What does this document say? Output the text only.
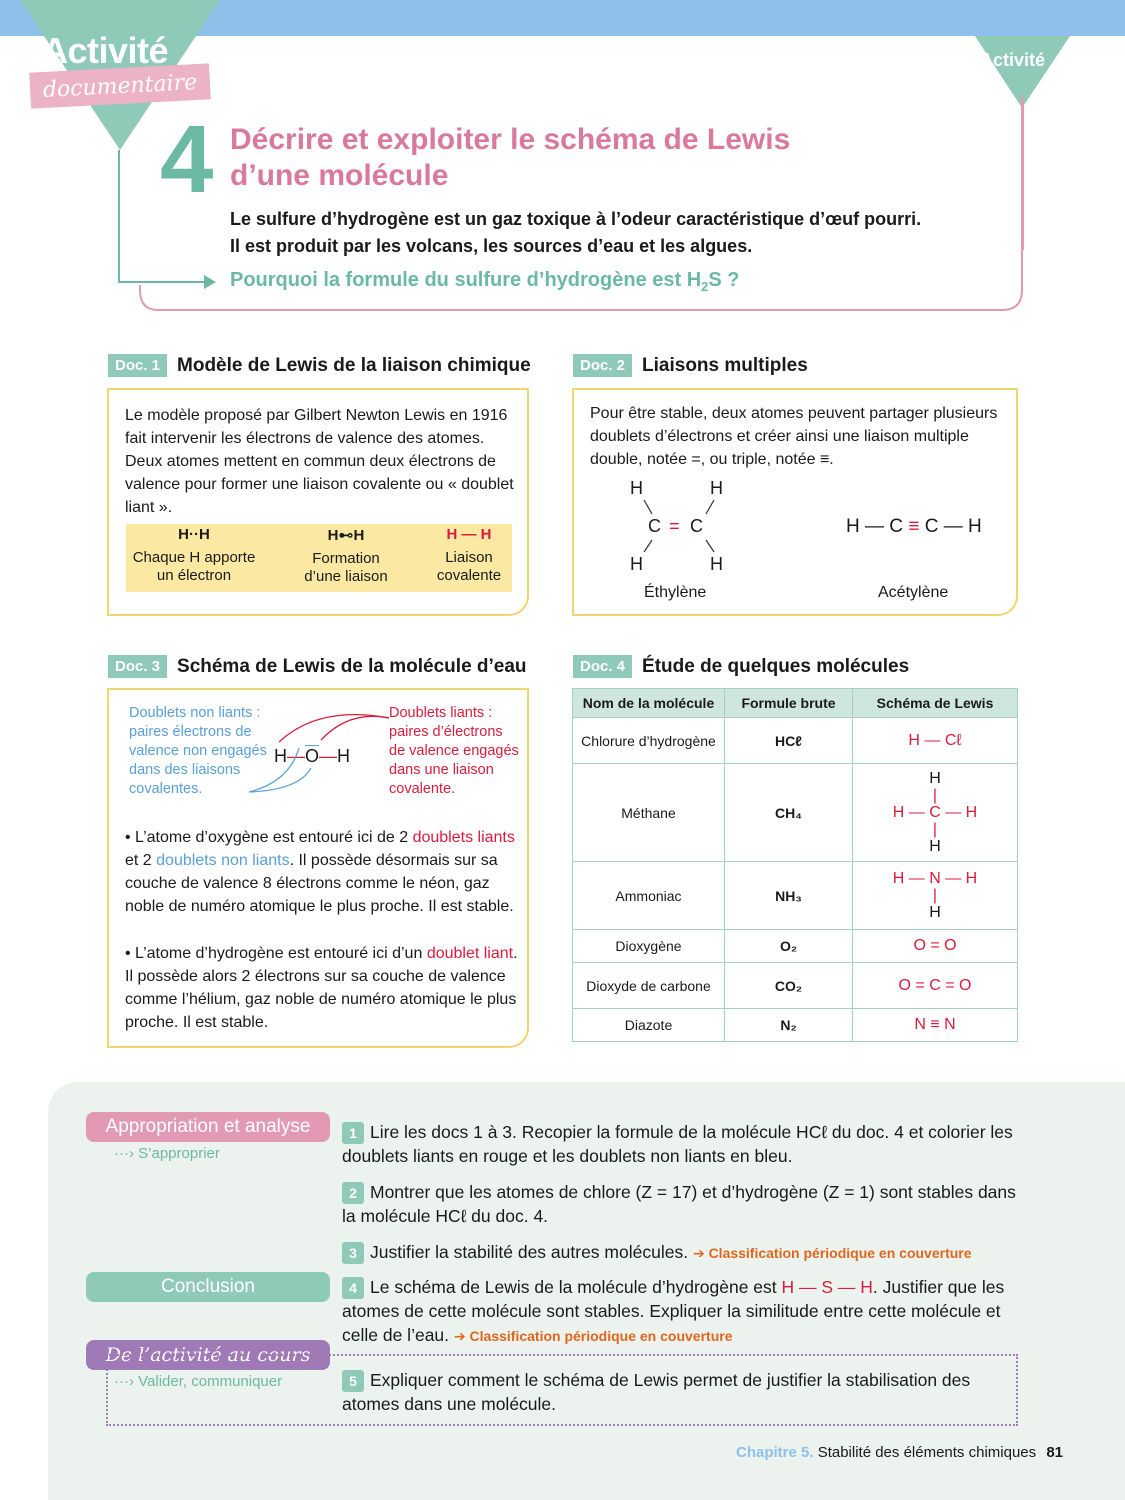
Activité
documentaire
Activité
4 Décrire et exploiter le schéma de Lewis
d’une molécule
Le sulfure d’hydrogène est un gaz toxique à l’odeur caractéristique d’œuf pourri.
Il est produit par les volcans, les sources d’eau et les algues.
Pourquoi la formule du sulfure d’hydrogène est $H_2S$ ?
Doc. 1 Modèle de Lewis de la liaison chimique
Le modèle proposé par Gilbert Newton Lewis en 1916 fait intervenir les électrons de valence des atomes. Deux atomes mettent en commun deux électrons de valence pour former une liaison covalente ou « doublet liant ».
H··H
Chaque H apporte
un électron
H⊷H
Formation
d’une liaison
H — H
Liaison
covalente
Doc. 2 Liaisons multiples
Pour être stable, deux atomes peuvent partager plusieurs doublets d’électrons et créer ainsi une liaison multiple double, notée =, ou triple, notée ≡.
H	H
C C
=
H	H
Éthylène
H — C ≡ C — H
Acétylène
Doc. 3 Schéma de Lewis de la molécule d’eau
Doublets non liants : paires électrons de valence non engagés dans des liaisons covalentes.
Doublets liants : paires d’électrons de valence engagés dans une liaison covalente.
$H—\overline{O}—H$
• L’atome d’oxygène est entouré ici de 2 doublets liants et 2 doublets non liants. Il possède désormais sur sa couche de valence 8 électrons comme le néon, gaz noble de numéro atomique le plus proche. Il est stable.
• L’atome d’hydrogène est entouré ici d’un doublet liant. Il possède alors 2 électrons sur sa couche de valence comme l’hélium, gaz noble de numéro atomique le plus proche. Il est stable.
Doc. 4 Étude de quelques molécules
Nom de la molécule	Formule brute	Schéma de Lewis
Chlorure d’hydrogène	HCℓ	H — Cℓ
Méthane	CH₄	H
|
H — C — H
|
H
Ammoniac	NH₃	H — N — H
|
H
Dioxygène	O₂	O = O
Dioxyde de carbone	CO₂	O = C = O
Diazote	N₂	N ≡ N
Appropriation et analyse
···› S’approprier
Conclusion
De l’activité au cours
···› Valider, communiquer
1 Lire les docs 1 à 3. Recopier la formule de la molécule HCℓ du doc. 4 et colorier les doublets liants en rouge et les doublets non liants en bleu.
2 Montrer que les atomes de chlore (Z = 17) et d’hydrogène (Z = 1) sont stables dans la molécule HCℓ du doc. 4.
3 Justifier la stabilité des autres molécules. ➔ Classification périodique en couverture
4 Le schéma de Lewis de la molécule d’hydrogène est H — S — H. Justifier que les atomes de cette molécule sont stables. Expliquer la similitude entre cette molécule et celle de l’eau. ➔ Classification périodique en couverture
5 Expliquer comment le schéma de Lewis permet de justifier la stabilisation des atomes dans une molécule.
Chapitre 5. Stabilité des éléments chimiques 81
